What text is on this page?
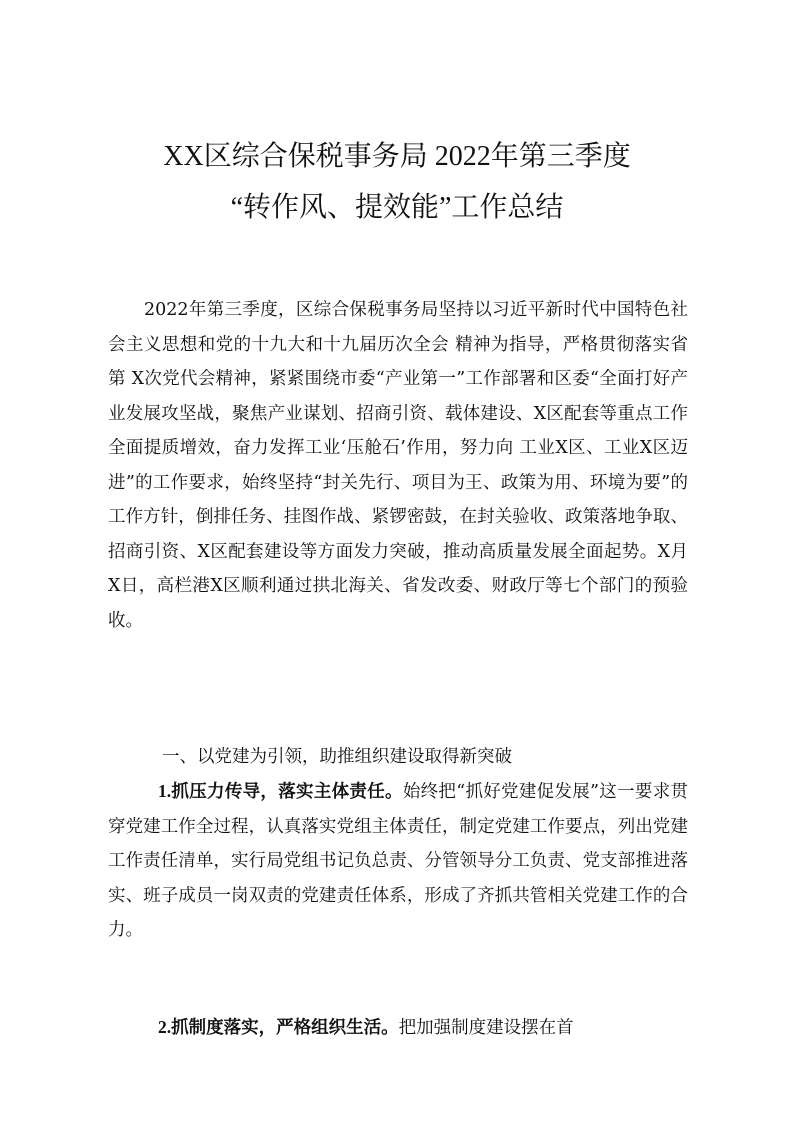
XX区综合保税事务局 2022年第三季度
“转作风、提效能”工作总结
2022年第三季度，区综合保税事务局坚持以习近平新时代中国特色社会主义思想和党的十九大和十九届历次全会 精神为指导，严格贯彻落实省第 X次党代会精神，紧紧围绕市委“产业第一”工作部署和区委“全面打好产业发展攻坚战，聚焦产业谋划、招商引资、载体建设、X区配套等重点工作全面提质增效，奋力发挥工业‘压舱石’作用，努力向 工业X区、工业X区迈进”的工作要求，始终坚持“封关先行、项目为王、政策为用、环境为要”的工作方针，倒排任务、挂图作战、紧锣密鼓，在封关验收、政策落地争取、招商引资、X区配套建设等方面发力突破，推动高质量发展全面起势。X月 X日，高栏港X区顺利通过拱北海关、省发改委、财政厅等七个部门的预验收。
一、以党建为引领，助推组织建设取得新突破
1.抓压力传导，落实主体责任。始终把“抓好党建促发展”这一要求贯穿党建工作全过程，认真落实党组主体责任，制定党建工作要点，列出党建工作责任清单，实行局党组书记负总责、分管领导分工负责、党支部推进落实、班子成员一岗双责的党建责任体系，形成了齐抓共管相关党建工作的合力。
2.抓制度落实，严格组织生活。把加强制度建设摆在首
